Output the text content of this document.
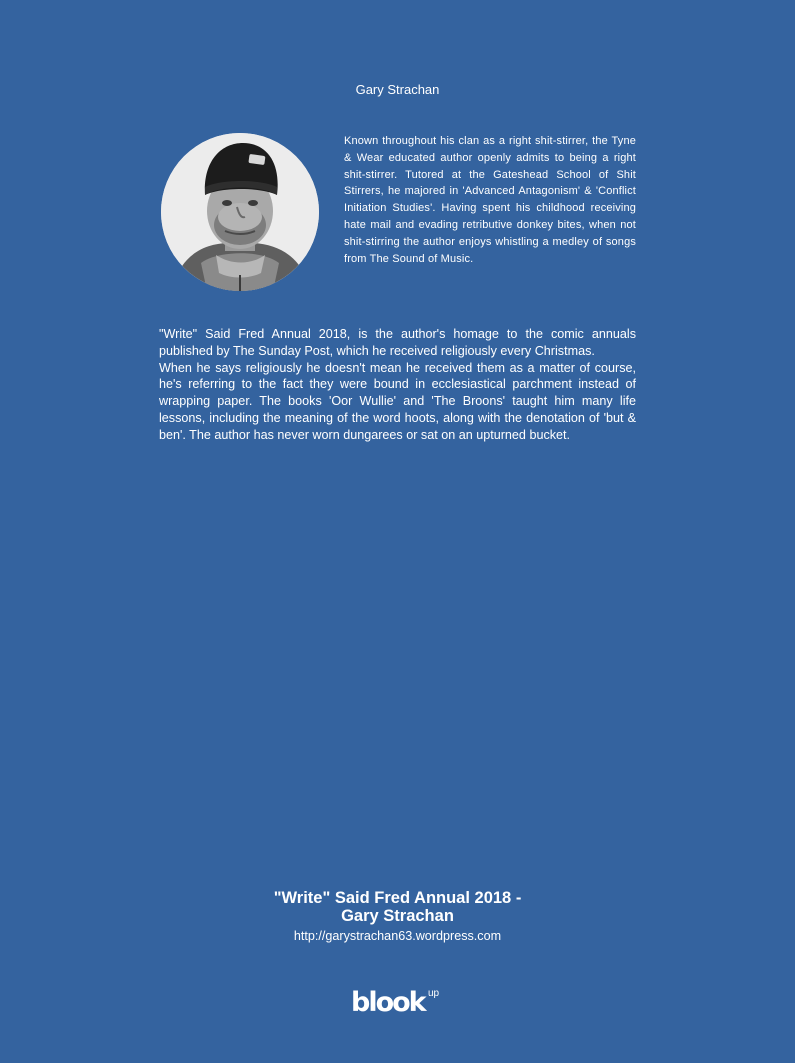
Gary Strachan
Known throughout his clan as a right shit-stirrer, the Tyne & Wear educated author openly admits to being a right shit-stirrer. Tutored at the Gateshead School of Shit Stirrers, he majored in 'Advanced Antagonism' & 'Conflict Initiation Studies'. Having spent his childhood receiving hate mail and evading retributive donkey bites, when not shit-stirring the author enjoys whistling a medley of songs from The Sound of Music.

"Write" Said Fred Annual 2018, is the author's homage to the comic annuals published by The Sunday Post, which he received religiously every Christmas.

When he says religiously he doesn't mean he received them as a matter of course, he's referring to the fact they were bound in ecclesiastical parchment instead of wrapping paper. The books 'Oor Wullie' and 'The Broons' taught him many life lessons, including the meaning of the word hoots, along with the denotation of 'but & ben'. The author has never worn dungarees or sat on an upturned bucket.

"Write" Said Fred Annual 2018 -
Gary Strachan
http://garystrachan63.wordpress.com
blook up
